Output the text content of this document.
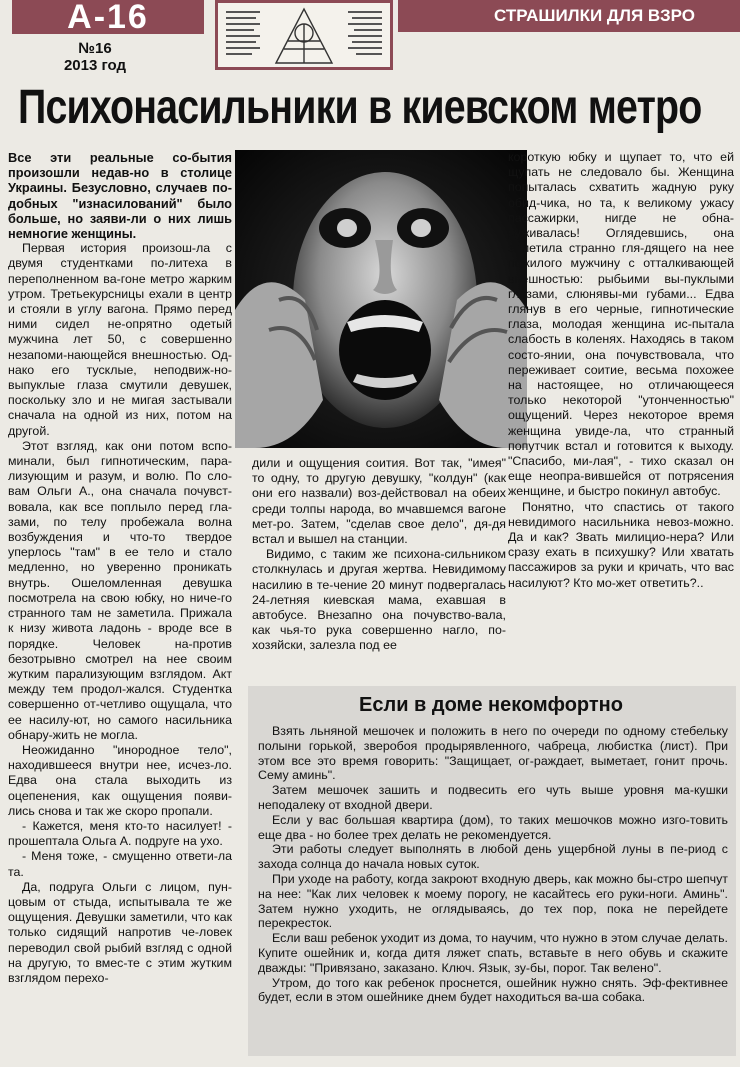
А-16	СТРАШИЛКИ ДЛЯ ВЗРО
№16
2013 год
Психонасильники в киевском метро

Все эти реальные со-бытия произошли недав-но в столице Украины. Безусловно, случаев по-добных "изнасилований" было больше, но заяви-ли о них лишь немногие женщины.

Первая история произош-ла с двумя студентками по-литеха в переполненном ва-гоне метро жарким утром. Третьекурсницы ехали в центр и стояли в углу вагона. Прямо перед ними сидел не-опрятно одетый мужчина лет 50, с совершенно незапоми-нающейся внешностью. Од-нако его тусклые, неподвиж-но-выпуклые глаза смутили девушек, поскольку зло и не мигая застывали сначала на одной из них, потом на другой.

Этот взгляд, как они потом вспо-минали, был гипнотическим, пара-лизующим и разум, и волю. По сло-вам Ольги А., она сначала почувст-вовала, как все поплыло перед гла-зами, по телу пробежала волна возбуждения и что-то твердое уперлось "там" в ее тело и стало медленно, но уверенно проникать внутрь. Ошеломленная девушка посмотрела на свою юбку, но ниче-го странного там не заметила. Прижала к низу живота ладонь - вроде все в порядке. Человек на-против безотрывно смотрел на нее своим жутким парализующим взглядом. Акт между тем продол-жался. Студентка совершенно от-четливо ощущала, что ее насилу-ют, но самого насильника обнару-жить не могла.

Неожиданно "инородное тело", находившееся внутри нее, исчез-ло. Едва она стала выходить из оцепенения, как ощущения появи-лись снова и так же скоро пропали.

- Кажется, меня кто-то насилует! - прошептала Ольга А. подруге на ухо.

- Меня тоже, - смущенно ответи-ла та.

Да, подруга Ольги с лицом, пун-цовым от стыда, испытывала те же ощущения. Девушки заметили, что как только сидящий напротив че-ловек переводил свой рыбий взгляд с одной на другую, то вмес-те с этим жутким взглядом перехо-

дили и ощущения соития. Вот так, "имея" то одну, то другую девушку, "колдун" (как они его назвали) воз-действовал на обеих среди толпы народа, во мчавшемся вагоне мет-ро. Затем, "сделав свое дело", дя-дя встал и вышел на станции.

Видимо, с таким же психона-сильником столкнулась и другая жертва. Невидимому насилию в те-чение 20 минут подвергалась 24-летняя киевская мама, ехавшая в автобусе. Внезапно она почувство-вала, как чья-то рука совершенно нагло, по-хозяйски, залезла под ее

короткую юбку и щупает то, что ей щупать не следовало бы. Женщина попыталась схватить жадную руку обид-чика, но та, к великому ужасу пассажирки, нигде не обна-руживалась! Оглядевшись, она заметила странно гля-дящего на нее пожилого мужчину с отталкивающей внешностью: рыбьими вы-пуклыми глазами, слюнявы-ми губами... Едва глянув в его черные, гипнотические глаза, молодая женщина ис-пытала слабость в коленях. Находясь в таком состо-янии, она почувствовала, что переживает соитие, весьма похожее на настоящее, но отличающееся только некоторой "утонченностью" ощущений. Через некоторое время женщина увиде-ла, что странный попутчик встал и готовится к выходу. "Спасибо, ми-лая", - тихо сказал он еще неопра-вившейся от потрясения женщине, и быстро покинул автобус.

Понятно, что спастись от такого невидимого насильника невоз-можно. Да и как? Звать милицио-нера? Или сразу ехать в психушку? Или хватать пассажиров за руки и кричать, что вас насилуют? Кто мо-жет ответить?..

Если в доме некомфортно

Взять льняной мешочек и положить в него по очереди по одному стебельку полыни горькой, зверобоя продырявленного, чабреца, любистка (лист). При этом все это время говорить: "Защищает, ог-раждает, выметает, гонит прочь. Сему аминь".

Затем мешочек зашить и подвесить его чуть выше уровня ма-кушки неподалеку от входной двери.

Если у вас большая квартира (дом), то таких мешочков можно изго-товить еще два - но более трех делать не рекомендуется.

Эти работы следует выполнять в любой день ущербной луны в пе-риод с захода солнца до начала новых суток.

При уходе на работу, когда закроют входную дверь, как можно бы-стро шепчут на нее: "Как лих человек к моему порогу, не касайтесь его руки-ноги. Аминь". Затем нужно уходить, не оглядываясь, до тех пор, пока не перейдете перекресток.

Если ваш ребенок уходит из дома, то научим, что нужно в этом случае делать. Купите ошейник и, когда дитя ляжет спать, вставьте в него обувь и скажите дважды: "Привязано, заказано. Ключ. Язык, зу-бы, порог. Так велено".

Утром, до того как ребенок проснется, ошейник нужно снять. Эф-фективнее будет, если в этом ошейнике днем будет находиться ва-ша собака.
